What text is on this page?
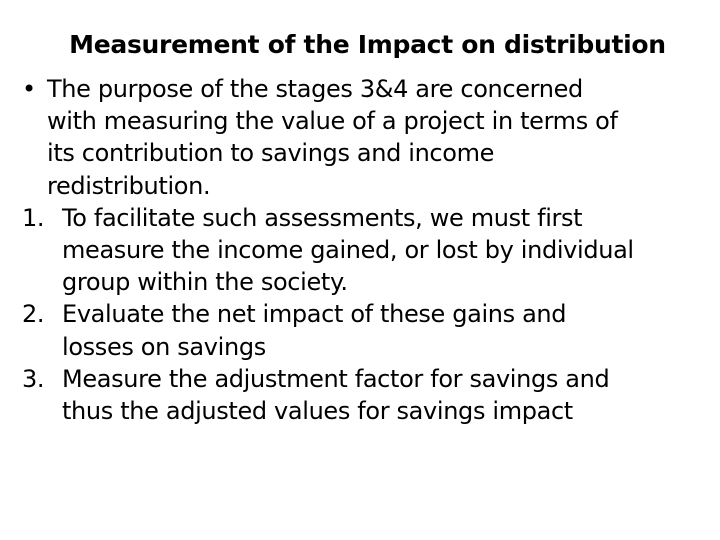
Measurement of the Impact on distribution
• The purpose of the stages 3&4 are concerned
with measuring the value of a project in terms of
its contribution to savings and income
redistribution.
1. To facilitate such assessments, we must first
measure the income gained, or lost by individual
group within the society.
2. Evaluate the net impact of these gains and
losses on savings
3. Measure the adjustment factor for savings and
thus the adjusted values for savings impact
